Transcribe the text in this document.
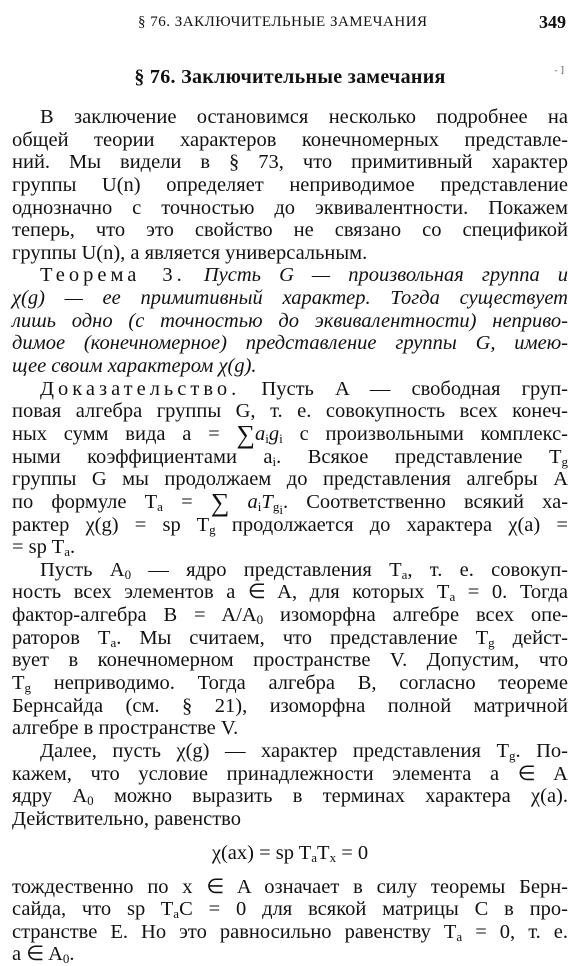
§ 76. ЗАКЛЮЧИТЕЛЬНЫЕ ЗАМЕЧАНИЯ	349
§ 76. Заключительные замечания	- ]
В заключение остановимся несколько подробнее на
общей теории характеров конечномерных представле-
ний. Мы видели в § 73, что примитивный характер
группы U(n) определяет неприводимое представление
однозначно с точностью до эквивалентности. Покажем
теперь, что это свойство не связано со спецификой
группы U(n), а является универсальным.
Теорема 3. Пусть G — произвольная группа и
χ(g) — ее примитивный характер. Тогда существует
лишь одно (с точностью до эквивалентности) неприво-
димое (конечномерное) представление группы G, имею-
щее своим характером χ(g).
Доказательство. Пусть A — свободная груп-
повая алгебра группы G, т. е. совокупность всех конеч-
ных сумм вида $a = \sum a_ig_i$ с произвольными комплекс-
ными коэффициентами $a_i$. Всякое представление $T_g$
группы G мы продолжаем до представления алгебры A
по формуле $T_a$ = ∑ $a_iT_{g_i}$. Соответственно всякий ха-
рактер χ(g) = sp $T_g$ продолжается до характера χ(a) =
= sp $T_a$.
Пусть $A_0$ — ядро представления $T_a$, т. е. совокуп-
ность всех элементов a ∈ A, для которых $T_a = 0$. Тогда
фактор-алгебра $B = A/A_0$ изоморфна алгебре всех опе-
раторов $T_a$. Мы считаем, что представление $T_g$ дейст-
вует в конечномерном пространстве V. Допустим, что
$T_g$ неприводимо. Тогда алгебра B, согласно теореме
Бернсайда (см. § 21), изоморфна полной матричной
алгебре в пространстве V.
Далее, пусть χ(g) — характер представления $T_g$. По-
кажем, что условие принадлежности элемента a ∈ A
ядру $A_0$ можно выразить в терминах характера χ(a).
Действительно, равенство
χ(ax) = sp $T_aT_x = 0$
тождественно по x ∈ A означает в силу теоремы Берн-
сайда, что sp $T_aC = 0$ для всякой матрицы C в про-
странстве E. Но это равносильно равенству $T_a = 0$, т. е.
a ∈ $A_0$.
